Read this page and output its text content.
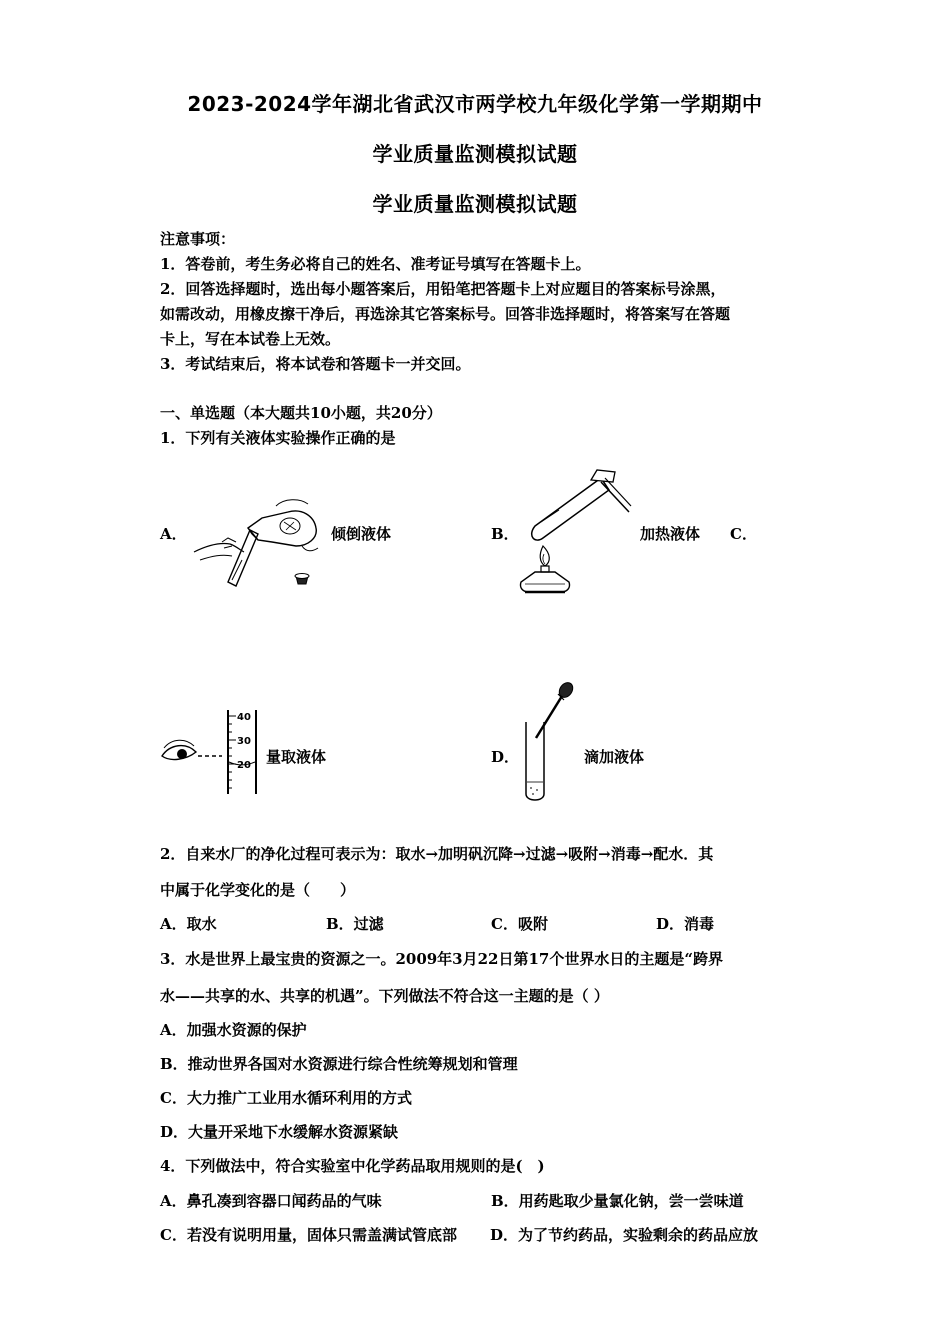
2023-2024学年湖北省武汉市两学校九年级化学第一学期期中
学业质量监测模拟试题
学业质量监测模拟试题
注意事项：
1．答卷前，考生务必将自己的姓名、准考证号填写在答题卡上。
2．回答选择题时，选出每小题答案后，用铅笔把答题卡上对应题目的答案标号涂黑，
如需改动，用橡皮擦干净后，再选涂其它答案标号。回答非选择题时，将答案写在答题
卡上，写在本试卷上无效。
3．考试结束后，将本试卷和答题卡一并交回。
一、单选题（本大题共10小题，共20分）
1．下列有关液体实验操作正确的是
A．	倾倒液体	B．	加热液体 C．
40
30
20 量取液体	D．	滴加液体
2．自来水厂的净化过程可表示为：取水→加明矾沉降→过滤→吸附→消毒→配水．其
中属于化学变化的是（　　）
A．取水	B．过滤	C．吸附	D．消毒
3．水是世界上最宝贵的资源之一。2009年3月22日第17个世界水日的主题是“跨界
水——共享的水、共享的机遇”。下列做法不符合这一主题的是（ ）
A．加强水资源的保护
B．推动世界各国对水资源进行综合性统筹规划和管理
C．大力推广工业用水循环利用的方式
D．大量开采地下水缓解水资源紧缺
4．下列做法中，符合实验室中化学药品取用规则的是(　)
A．鼻孔凑到容器口闻药品的气味	B．用药匙取少量氯化钠，尝一尝味道
C．若没有说明用量，固体只需盖满试管底部 D．为了节约药品，实验剩余的药品应放
